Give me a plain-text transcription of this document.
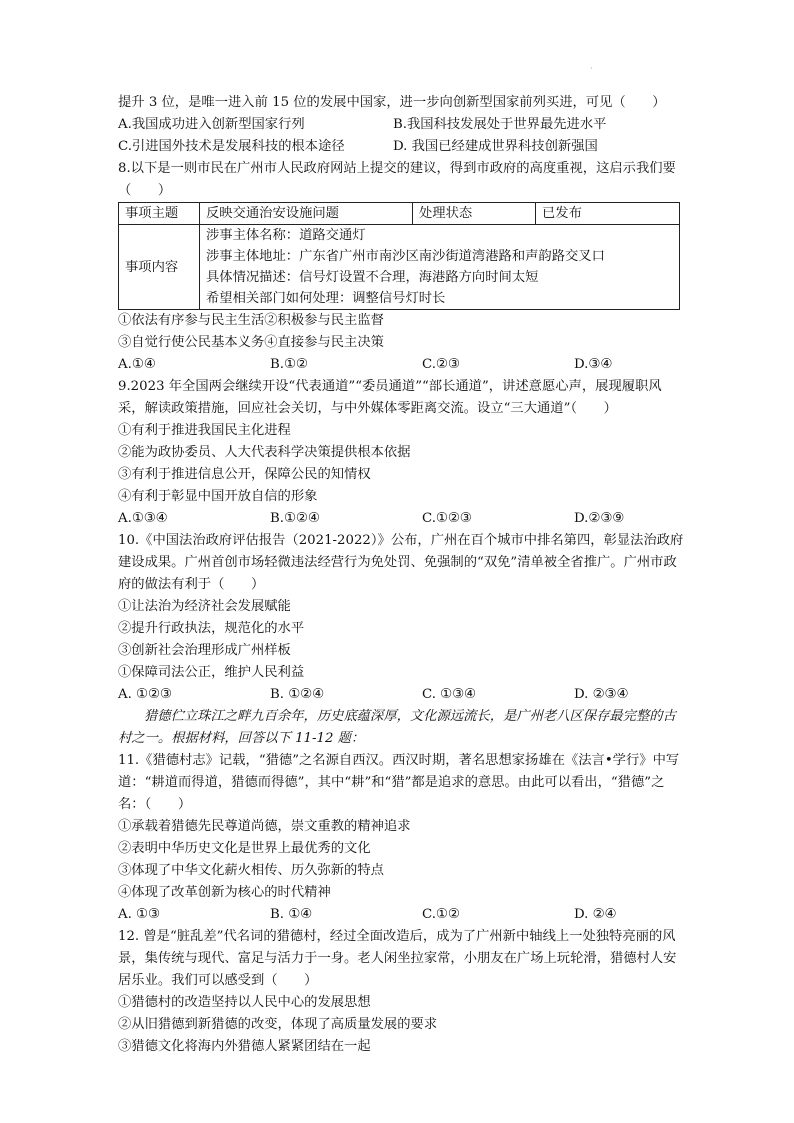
·
提升 3 位，是唯一进入前 15 位的发展中国家，进一步向创新型国家前列买进，可见（　　）
A.我国成功进入创新型国家行列	B.我国科技发展处于世界最先进水平
C.引进国外技术是发展科技的根本途径	D. 我国已经建成世界科技创新强国
8.以下是一则市民在广州市人民政府网站上提交的建议，得到市政府的高度重视，这启示我们要（　　）
事项主题	反映交通治安设施问题	处理状态	已发布
事项内容	涉事主体名称：道路交通灯
涉事主体地址：广东省广州市南沙区南沙街道湾港路和声韵路交叉口
具体情况描述：信号灯设置不合理，海港路方向时间太短
希望相关部门如何处理：调整信号灯时长		
①依法有序参与民主生活②积极参与民主监督
③自觉行使公民基本义务④直接参与民主决策
A.①④	B.①②	C.②③	D.③④
9.2023 年全国两会继续开设“代表通道”“委员通道”“部长通道”，讲述意愿心声，展现履职风采，解读政策措施，回应社会关切，与中外媒体零距离交流。设立“三大通道”（　　）
①有利于推进我国民主化进程
②能为政协委员、人大代表科学决策提供根本依据
③有利于推进信息公开，保障公民的知情权
④有利于彰显中国开放自信的形象
A.①③④	B.①②④	C.①②③	D.②③⑨
10.《中国法治政府评估报告（2021-2022）》公布，广州在百个城市中排名第四，彰显法治政府建设成果。广州首创市场轻微违法经营行为免处罚、免强制的“双免”清单被全省推广。广州市政府的做法有利于（　　）
①让法治为经济社会发展赋能
②提升行政执法，规范化的水平
③创新社会治理形成广州样板
①保障司法公正，维护人民利益
A. ①②③	B. ①②④	C. ①③④	D. ②③④
猎德伫立珠江之畔九百余年，历史底蕴深厚，文化源远流长，是广州老八区保存最完整的古村之一。根据材料，回答以下 11-12 题：
11.《猎德村志》记载，“猎德”之名源自西汉。西汉时期，著名思想家扬雄在《法言•学行》中写道：“耕道而得道，猎德而得德”，其中“耕”和“猎”都是追求的意思。由此可以看出，“猎德”之名：（　　）
①承载着猎德先民尊道尚德，崇文重教的精神追求
②表明中华历史文化是世界上最优秀的文化
③体现了中华文化薪火相传、历久弥新的特点
④体现了改革创新为核心的时代精神
A. ①③	B. ①④	C.①②	D. ②④
12. 曾是“脏乱差”代名词的猎德村，经过全面改造后，成为了广州新中轴线上一处独特亮丽的风景，集传统与现代、富足与活力于一身。老人闲坐拉家常，小朋友在广场上玩轮滑，猎德村人安居乐业。我们可以感受到（　　）
①猎德村的改造坚持以人民中心的发展思想
②从旧猎德到新猎德的改变，体现了高质量发展的要求
③猎德文化将海内外猎德人紧紧团结在一起
